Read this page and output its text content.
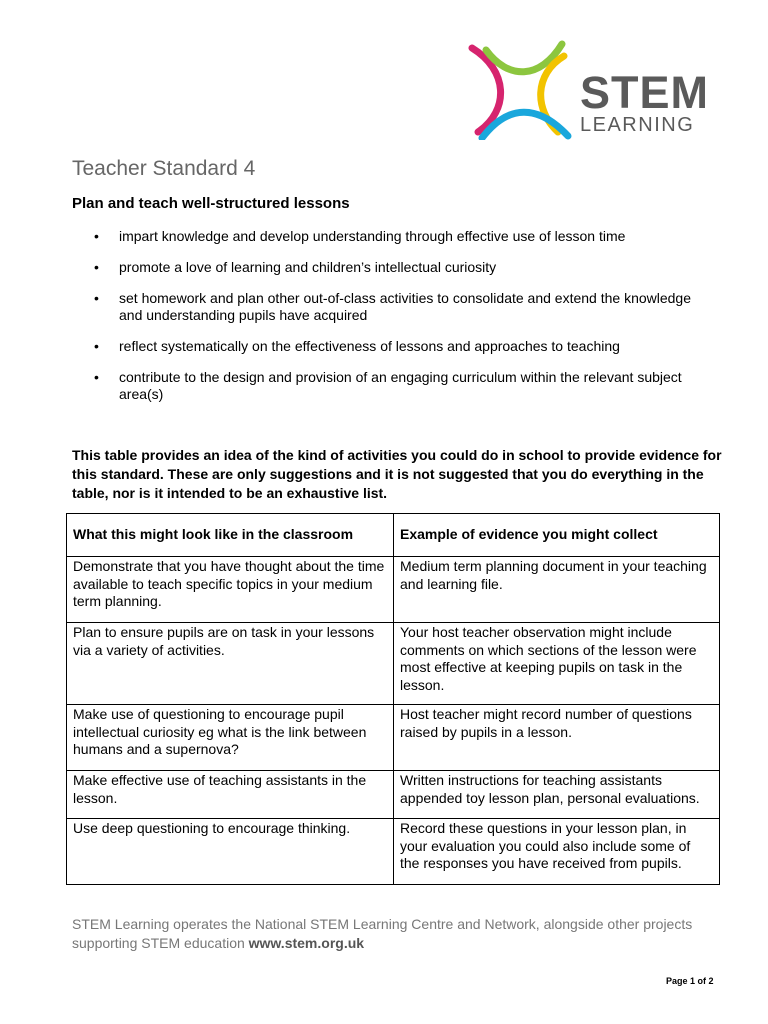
STEM
LEARNING
Teacher Standard 4
Plan and teach well-structured lessons
• impart knowledge and develop understanding through effective use of lesson time
• promote a love of learning and children’s intellectual curiosity
• set homework and plan other out-of-class activities to consolidate and extend the knowledge and understanding pupils have acquired
• reflect systematically on the effectiveness of lessons and approaches to teaching
• contribute to the design and provision of an engaging curriculum within the relevant subject area(s)
This table provides an idea of the kind of activities you could do in school to provide evidence for this standard. These are only suggestions and it is not suggested that you do everything in the table, nor is it intended to be an exhaustive list.
What this might look like in the classroom	Example of evidence you might collect
Demonstrate that you have thought about the time available to teach specific topics in your medium term planning.	Medium term planning document in your teaching and learning file.
Plan to ensure pupils are on task in your lessons via a variety of activities.	Your host teacher observation might include comments on which sections of the lesson were most effective at keeping pupils on task in the lesson.
Make use of questioning to encourage pupil intellectual curiosity eg what is the link between humans and a supernova?	Host teacher might record number of questions raised by pupils in a lesson.
Make effective use of teaching assistants in the lesson.	Written instructions for teaching assistants appended toy lesson plan, personal evaluations.
Use deep questioning to encourage thinking.	Record these questions in your lesson plan, in your evaluation you could also include some of the responses you have received from pupils.
STEM Learning operates the National STEM Learning Centre and Network, alongside other projects supporting STEM education www.stem.org.uk
Page 1 of 2
